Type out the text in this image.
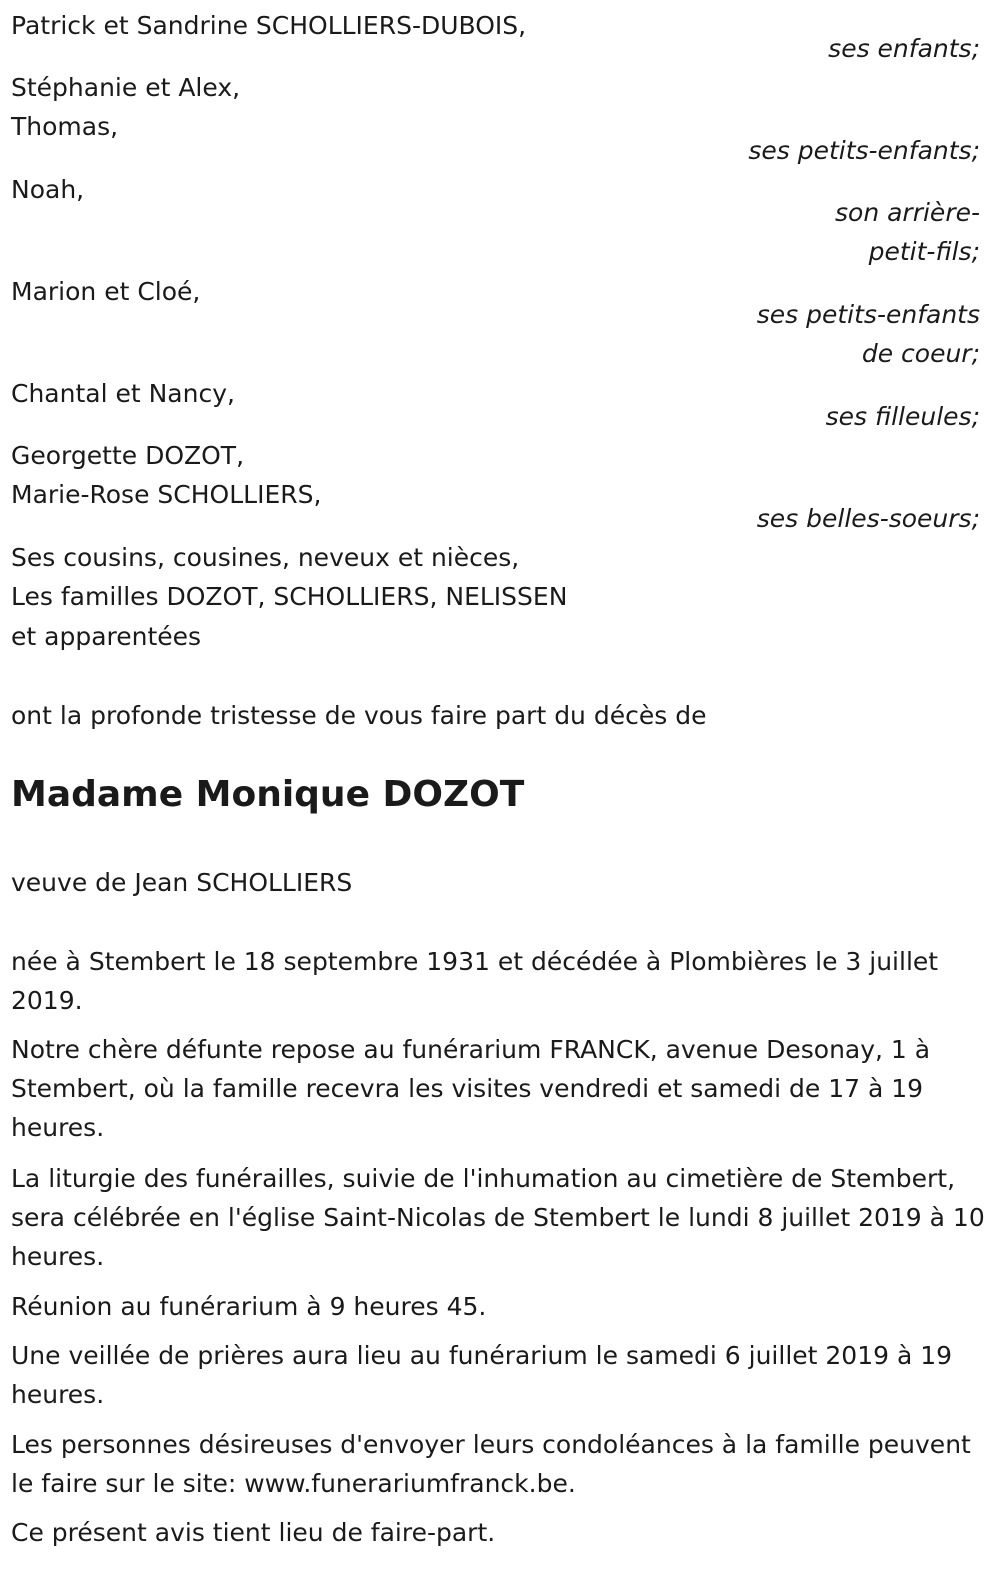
Patrick et Sandrine SCHOLLIERS-DUBOIS,
ses enfants;
Stéphanie et Alex,
Thomas,
ses petits-enfants;
Noah,
son arrière-
petit-fils;
Marion et Cloé,
ses petits-enfants
de coeur;
Chantal et Nancy,
ses filleules;
Georgette DOZOT,
Marie-Rose SCHOLLIERS,
ses belles-soeurs;
Ses cousins, cousines, neveux et nièces,
Les familles DOZOT, SCHOLLIERS, NELISSEN
et apparentées
ont la profonde tristesse de vous faire part du décès de
Madame Monique DOZOT
veuve de Jean SCHOLLIERS
née à Stembert le 18 septembre 1931 et décédée à Plombières le 3 juillet 2019.
Notre chère défunte repose au funérarium FRANCK, avenue Desonay, 1 à Stembert, où la famille recevra les visites vendredi et samedi de 17 à 19 heures.
La liturgie des funérailles, suivie de l'inhumation au cimetière de Stembert, sera célébrée en l'église Saint-Nicolas de Stembert le lundi 8 juillet 2019 à 10 heures.
Réunion au funérarium à 9 heures 45.
Une veillée de prières aura lieu au funérarium le samedi 6 juillet 2019 à 19 heures.
Les personnes désireuses d'envoyer leurs condoléances à la famille peuvent le faire sur le site: www.funerariumfranck.be.
Ce présent avis tient lieu de faire-part.
